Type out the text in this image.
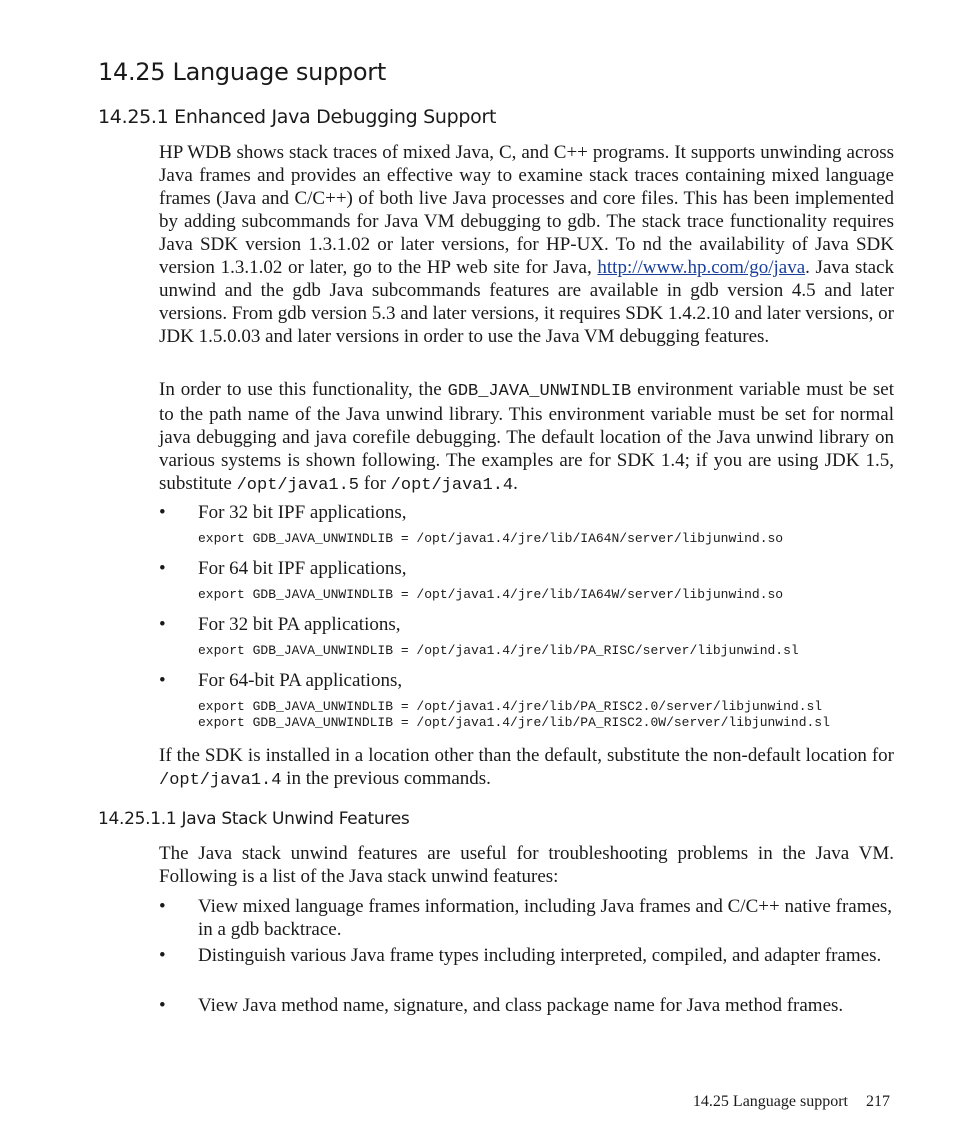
14.25 Language support
14.25.1 Enhanced Java Debugging Support

HP WDB shows stack traces of mixed Java, C, and C++ programs. It supports unwinding across Java frames and provides an effective way to examine stack traces containing mixed language frames (Java and C/C++) of both live Java processes and core files. This has been implemented by adding subcommands for Java VM debugging to gdb. The stack trace functionality requires Java SDK version 1.3.1.02 or later versions, for HP-UX. To nd the availability of Java SDK version 1.3.1.02 or later, go to the HP web site for Java, http://www.hp.com/go/java. Java stack unwind and the gdb Java subcommands features are available in gdb version 4.5 and later versions. From gdb version 5.3 and later versions, it requires SDK 1.4.2.10 and later versions, or JDK 1.5.0.03 and later versions in order to use the Java VM debugging features.

In order to use this functionality, the GDB_JAVA_UNWINDLIB environment variable must be set to the path name of the Java unwind library. This environment variable must be set for normal java debugging and java corefile debugging. The default location of the Java unwind library on various systems is shown following. The examples are for SDK 1.4; if you are using JDK 1.5, substitute /opt/java1.5 for /opt/java1.4.

• For 32 bit IPF applications,
export GDB_JAVA_UNWINDLIB = /opt/java1.4/jre/lib/IA64N/server/libjunwind.so
• For 64 bit IPF applications,
export GDB_JAVA_UNWINDLIB = /opt/java1.4/jre/lib/IA64W/server/libjunwind.so
• For 32 bit PA applications,
export GDB_JAVA_UNWINDLIB = /opt/java1.4/jre/lib/PA_RISC/server/libjunwind.sl
• For 64-bit PA applications,
export GDB_JAVA_UNWINDLIB = /opt/java1.4/jre/lib/PA_RISC2.0/server/libjunwind.sl
export GDB_JAVA_UNWINDLIB = /opt/java1.4/jre/lib/PA_RISC2.0W/server/libjunwind.sl

If the SDK is installed in a location other than the default, substitute the non-default location for /opt/java1.4 in the previous commands.

14.25.1.1 Java Stack Unwind Features

The Java stack unwind features are useful for troubleshooting problems in the Java VM. Following is a list of the Java stack unwind features:

• View mixed language frames information, including Java frames and C/C++ native frames, in a gdb backtrace.
• Distinguish various Java frame types including interpreted, compiled, and adapter frames.
• View Java method name, signature, and class package name for Java method frames.
14.25 Language support 217
